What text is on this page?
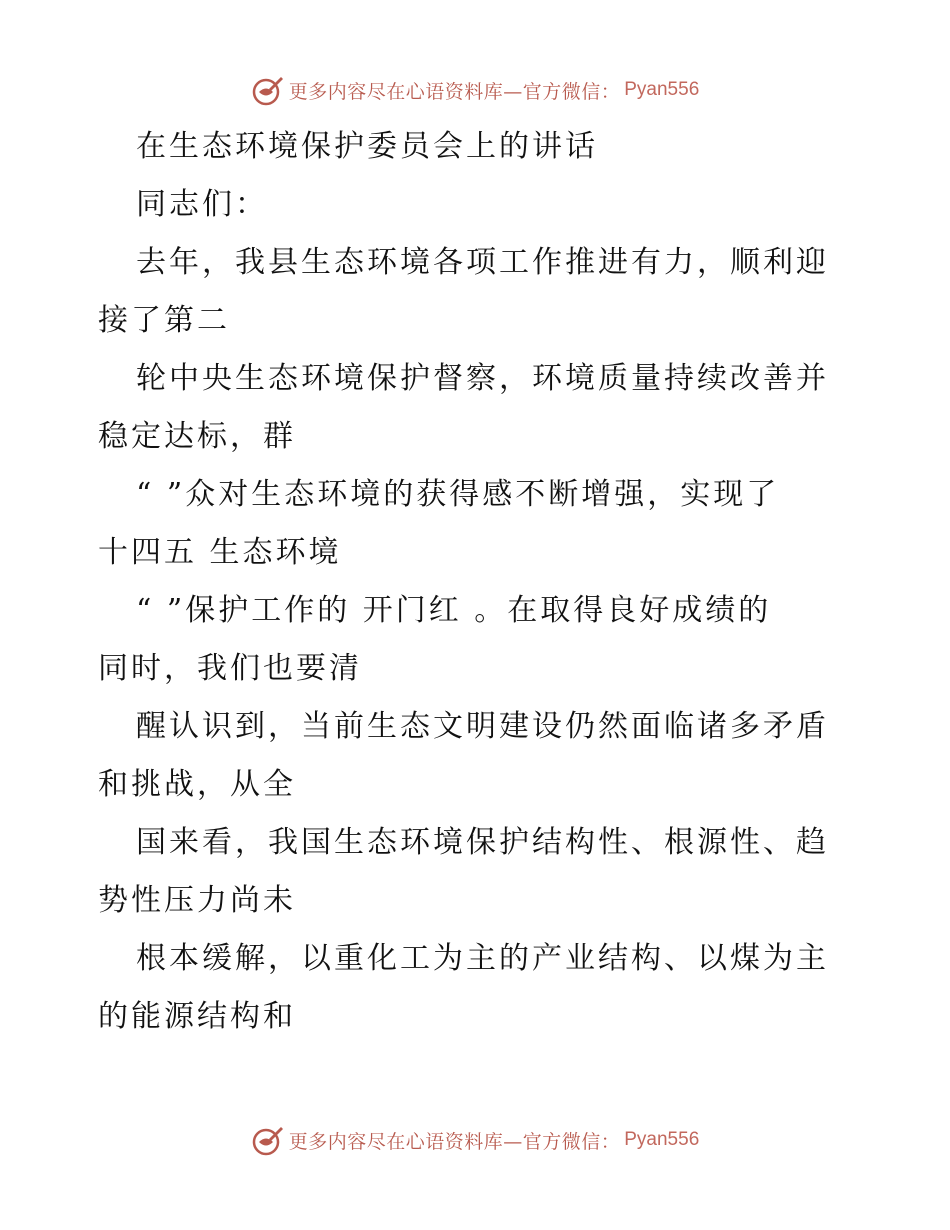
更多内容尽在心语资料库—官方微信： Pyan556
在生态环境保护委员会上的讲话
同志们：
去年，我县生态环境各项工作推进有力，顺利迎
接了第二
轮中央生态环境保护督察，环境质量持续改善并
稳定达标，群
“ ”众对生态环境的获得感不断增强，实现了
十四五 生态环境
“ ”保护工作的 开门红 。在取得良好成绩的
同时，我们也要清
醒认识到，当前生态文明建设仍然面临诸多矛盾
和挑战，从全
国来看，我国生态环境保护结构性、根源性、趋
势性压力尚未
根本缓解，以重化工为主的产业结构、以煤为主
的能源结构和
更多内容尽在心语资料库—官方微信： Pyan556
